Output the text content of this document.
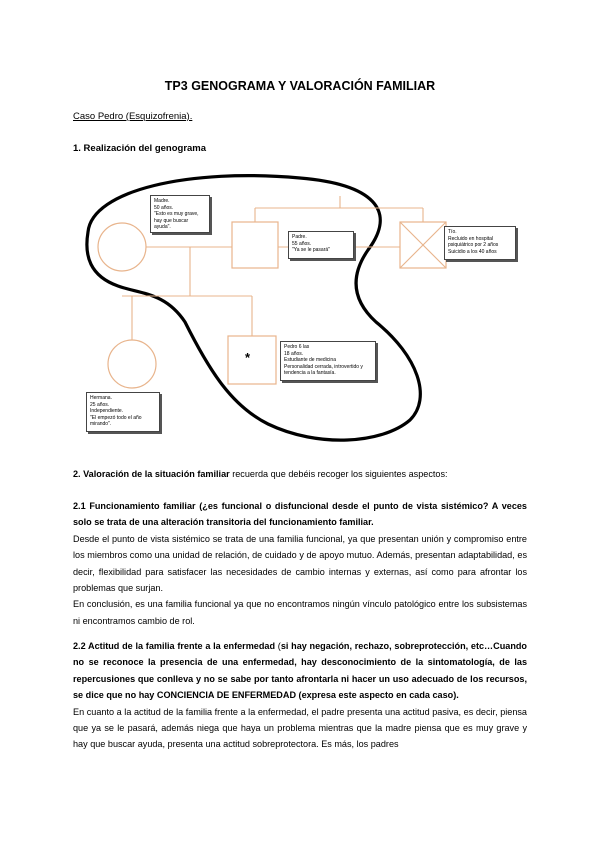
TP3 GENOGRAMA Y VALORACIÓN FAMILIAR
Caso Pedro (Esquizofrenia).
1. Realización del genograma
*
Madre.
50 años.
"Esto es muy grave,
hay que buscar
ayuda".
Padre.
55 años.
"Ya se le pasará"
Tío.
Recluido en hospital
psiquiátrico por 2 años
Suicidio a los 40 años
Pedro 6 las
18 años.
Estudiante de medicina
Personalidad cerrada, introvertido y
tendencia a la fantasía.
Hermana.
25 años.
Independiente.
"Él empezó todo el año
mirando".
2. Valoración de la situación familiar recuerda que debéis recoger los siguientes aspectos:

2.1 Funcionamiento familiar (¿es funcional o disfuncional desde el punto de vista sistémico? A veces solo se trata de una alteración transitoria del funcionamiento familiar.

Desde el punto de vista sistémico se trata de una familia funcional, ya que presentan unión y compromiso entre los miembros como una unidad de relación, de cuidado y de apoyo mutuo. Además, presentan adaptabilidad, es decir, flexibilidad para satisfacer las necesidades de cambio internas y externas, así como para afrontar los problemas que surjan.

En conclusión, es una familia funcional ya que no encontramos ningún vínculo patológico entre los subsistemas ni encontramos cambio de rol.

2.2 Actitud de la familia frente a la enfermedad (si hay negación, rechazo, sobreprotección, etc…Cuando no se reconoce la presencia de una enfermedad, hay desconocimiento de la sintomatología, de las repercusiones que conlleva y no se sabe por tanto afrontarla ni hacer un uso adecuado de los recursos, se dice que no hay CONCIENCIA DE ENFERMEDAD (expresa este aspecto en cada caso).

En cuanto a la actitud de la familia frente a la enfermedad, el padre presenta una actitud pasiva, es decir, piensa que ya se le pasará, además niega que haya un problema mientras que la madre piensa que es muy grave y hay que buscar ayuda, presenta una actitud sobreprotectora. Es más, los padres
